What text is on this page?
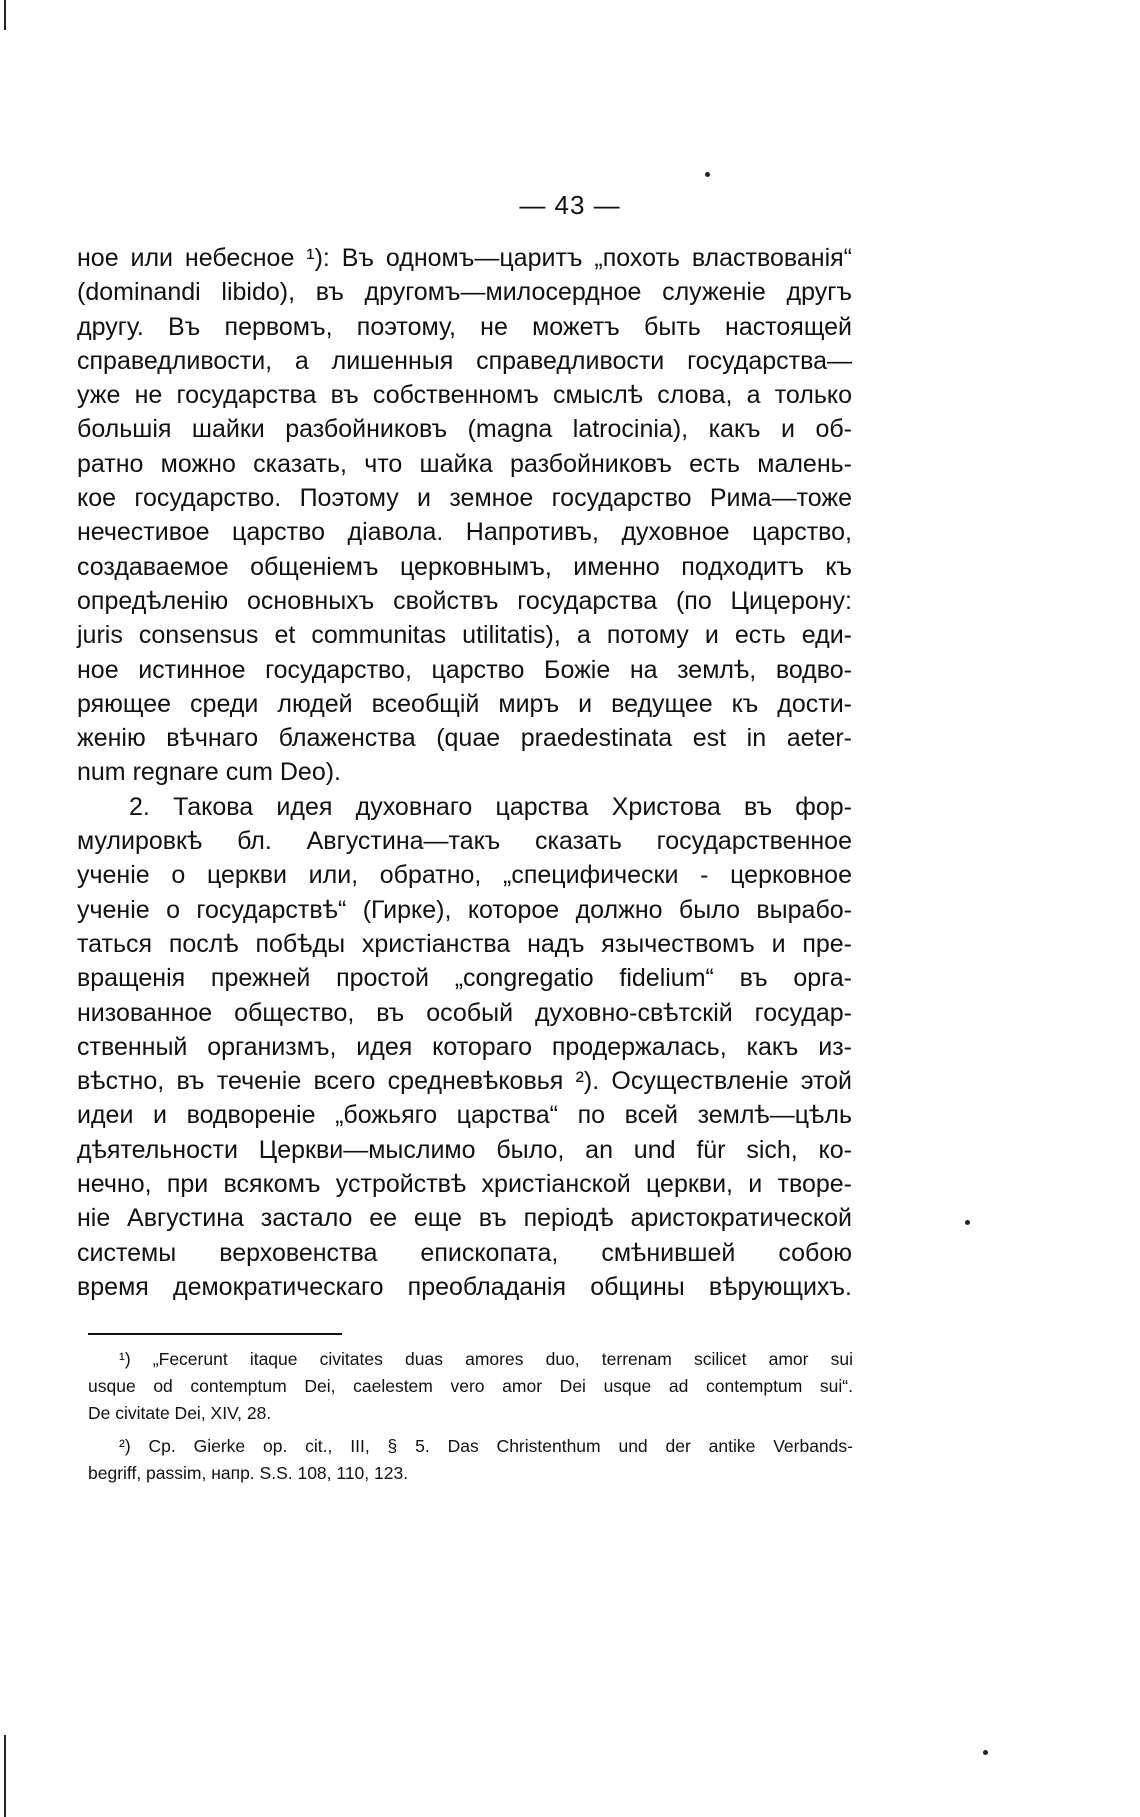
— 43 —
ное или небесное ¹): Въ одномъ—царитъ „похоть властвованія“
(dominandi libido), въ другомъ—милосердное служеніе другъ
другу. Въ первомъ, поэтому, не можетъ быть настоящей
справедливости, а лишенныя справедливости государства—
уже не государства въ собственномъ смыслѣ слова, а только
большія шайки разбойниковъ (magna latrocinia), какъ и об-
ратно можно сказать, что шайка разбойниковъ есть малень-
кое государство. Поэтому и земное государство Рима—тоже
нечестивое царство діавола. Напротивъ, духовное царство,
создаваемое общеніемъ церковнымъ, именно подходитъ къ
опредѣленію основныхъ свойствъ государства (по Цицерону:
juris consensus et communitas utilitatis), а потому и есть еди-
ное истинное государство, царство Божіе на землѣ, водво-
ряющее среди людей всеобщій миръ и ведущее къ дости-
женію вѣчнаго блаженства (quae praedestinata est in aeter-
num regnare cum Deo).
2. Такова идея духовнаго царства Христова въ фор-
мулировкѣ бл. Августина—такъ сказать государственное
ученіе о церкви или, обратно, „специфически - церковное
ученіе о государствѣ“ (Гирке), которое должно было вырабо-
таться послѣ побѣды христіанства надъ язычествомъ и пре-
вращенія прежней простой „congregatio fidelium“ въ орга-
низованное общество, въ особый духовно-свѣтскій государ-
ственный организмъ, идея котораго продержалась, какъ из-
вѣстно, въ теченіе всего средневѣковья ²). Осуществленіе этой
идеи и водвореніе „божьяго царства“ по всей землѣ—цѣль
дѣятельности Церкви—мыслимо было, an und für sich, ко-
нечно, при всякомъ устройствѣ христіанской церкви, и творе-
ніе Августина застало ее еще въ періодѣ аристократической
системы верховенства епископата, смѣнившей собою
время демократическаго преобладанія общины вѣрующихъ.
¹) „Fecerunt itaque civitates duas amores duo, terrenam scilicet amor sui
usque od contemptum Dei, caelestem vero amor Dei usque ad contemptum sui“.
De civitate Dei, XIV, 28.
²) Cp. Gierke op. cit., III, § 5. Das Christenthum und der antike Verbands-
begriff, passim, напр. S.S. 108, 110, 123.
